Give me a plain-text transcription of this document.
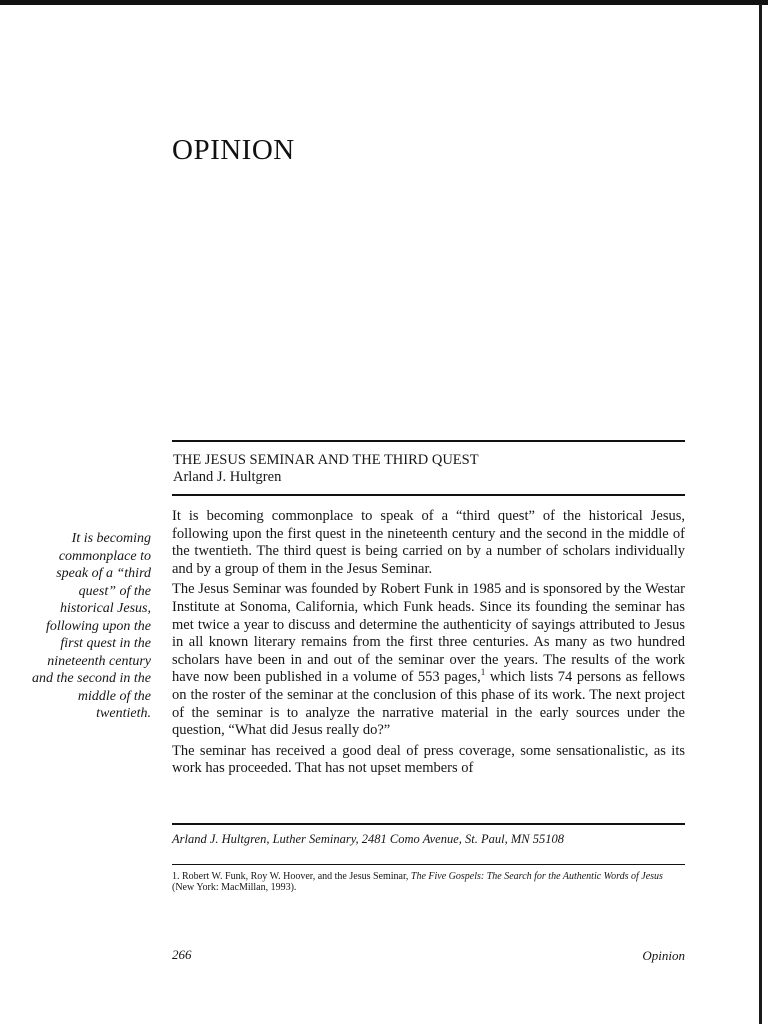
OPINION
THE JESUS SEMINAR AND THE THIRD QUEST
Arland J. Hultgren

It is becoming commonplace to speak of a “third quest” of the historical Jesus, following upon the first quest in the nineteenth century and the second in the middle of the twentieth.

It is becoming commonplace to speak of a “third quest” of the historical Jesus, following upon the first quest in the nineteenth century and the second in the middle of the twentieth. The third quest is being carried on by a number of scholars individually and by a group of them in the Jesus Seminar.

The Jesus Seminar was founded by Robert Funk in 1985 and is sponsored by the Westar Institute at Sonoma, California, which Funk heads. Since its founding the seminar has met twice a year to discuss and determine the authenticity of sayings attributed to Jesus in all known literary remains from the first three centuries. As many as two hundred scholars have been in and out of the seminar over the years. The results of the work have now been published in a volume of 553 pages,$^1$ which lists 74 persons as fellows on the roster of the seminar at the conclusion of this phase of its work. The next project of the seminar is to analyze the narrative material in the early sources under the question, “What did Jesus really do?”

The seminar has received a good deal of press coverage, some sensationalistic, as its work has proceeded. That has not upset members of

Arland J. Hultgren, Luther Seminary, 2481 Como Avenue, St. Paul, MN 55108
1. Robert W. Funk, Roy W. Hoover, and the Jesus Seminar, The Five Gospels: The Search for the Authentic Words of Jesus (New York: MacMillan, 1993).
266	Opinion
